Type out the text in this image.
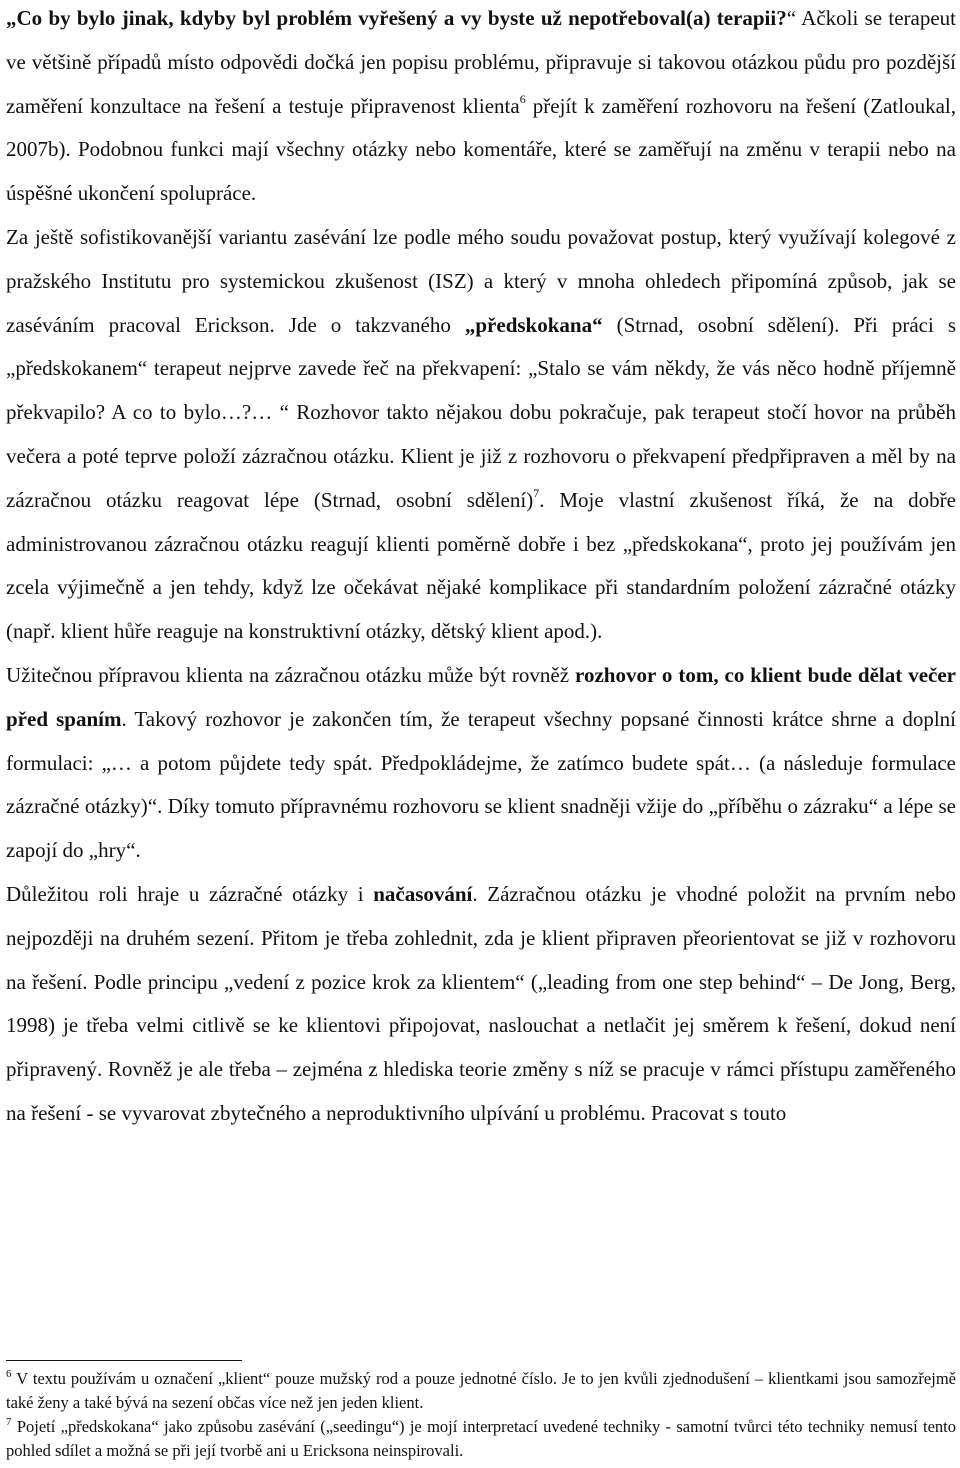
„Co by bylo jinak, kdyby byl problém vyřešený a vy byste už nepotřeboval(a) terapii?“ Ačkoli se terapeut ve většině případů místo odpovědi dočká jen popisu problému, připravuje si takovou otázkou půdu pro pozdější zaměření konzultace na řešení a testuje připravenost klienta$^6$ přejít k zaměření rozhovoru na řešení (Zatloukal, 2007b). Podobnou funkci mají všechny otázky nebo komentáře, které se zaměřují na změnu v terapii nebo na úspěšné ukončení spolupráce.

Za ještě sofistikovanější variantu zasévání lze podle mého soudu považovat postup, který využívají kolegové z pražského Institutu pro systemickou zkušenost (ISZ) a který v mnoha ohledech připomíná způsob, jak se zaséváním pracoval Erickson. Jde o takzvaného „předskokana“ (Strnad, osobní sdělení). Při práci s „předskokanem“ terapeut nejprve zavede řeč na překvapení: „Stalo se vám někdy, že vás něco hodně příjemně překvapilo? A co to bylo…?… “ Rozhovor takto nějakou dobu pokračuje, pak terapeut stočí hovor na průběh večera a poté teprve položí zázračnou otázku. Klient je již z rozhovoru o překvapení předpřipraven a měl by na zázračnou otázku reagovat lépe (Strnad, osobní sdělení)$^7$. Moje vlastní zkušenost říká, že na dobře administrovanou zázračnou otázku reagují klienti poměrně dobře i bez „předskokana“, proto jej používám jen zcela výjimečně a jen tehdy, když lze očekávat nějaké komplikace při standardním položení zázračné otázky (např. klient hůře reaguje na konstruktivní otázky, dětský klient apod.).

Užitečnou přípravou klienta na zázračnou otázku může být rovněž rozhovor o tom, co klient bude dělat večer před spaním. Takový rozhovor je zakončen tím, že terapeut všechny popsané činnosti krátce shrne a doplní formulaci: „… a potom půjdete tedy spát. Předpokládejme, že zatímco budete spát… (a následuje formulace zázračné otázky)“. Díky tomuto přípravnému rozhovoru se klient snadněji vžije do „příběhu o zázraku“ a lépe se zapojí do „hry“.

Důležitou roli hraje u zázračné otázky i načasování. Zázračnou otázku je vhodné položit na prvním nebo nejpozději na druhém sezení. Přitom je třeba zohlednit, zda je klient připraven přeorientovat se již v rozhovoru na řešení. Podle principu „vedení z pozice krok za klientem“ („leading from one step behind“ – De Jong, Berg, 1998) je třeba velmi citlivě se ke klientovi připojovat, naslouchat a netlačit jej směrem k řešení, dokud není připravený. Rovněž je ale třeba – zejména z hlediska teorie změny s níž se pracuje v rámci přístupu zaměřeného na řešení - se vyvarovat zbytečného a neproduktivního ulpívání u problému. Pracovat s touto

$^6$ V textu používám u označení „klient“ pouze mužský rod a pouze jednotné číslo. Je to jen kvůli zjednodušení – klientkami jsou samozřejmě také ženy a také bývá na sezení občas více než jen jeden klient.

$^7$ Pojetí „předskokana“ jako způsobu zasévání („seedingu“) je mojí interpretací uvedené techniky - samotní tvůrci této techniky nemusí tento pohled sdílet a možná se při její tvorbě ani u Ericksona neinspirovali.
